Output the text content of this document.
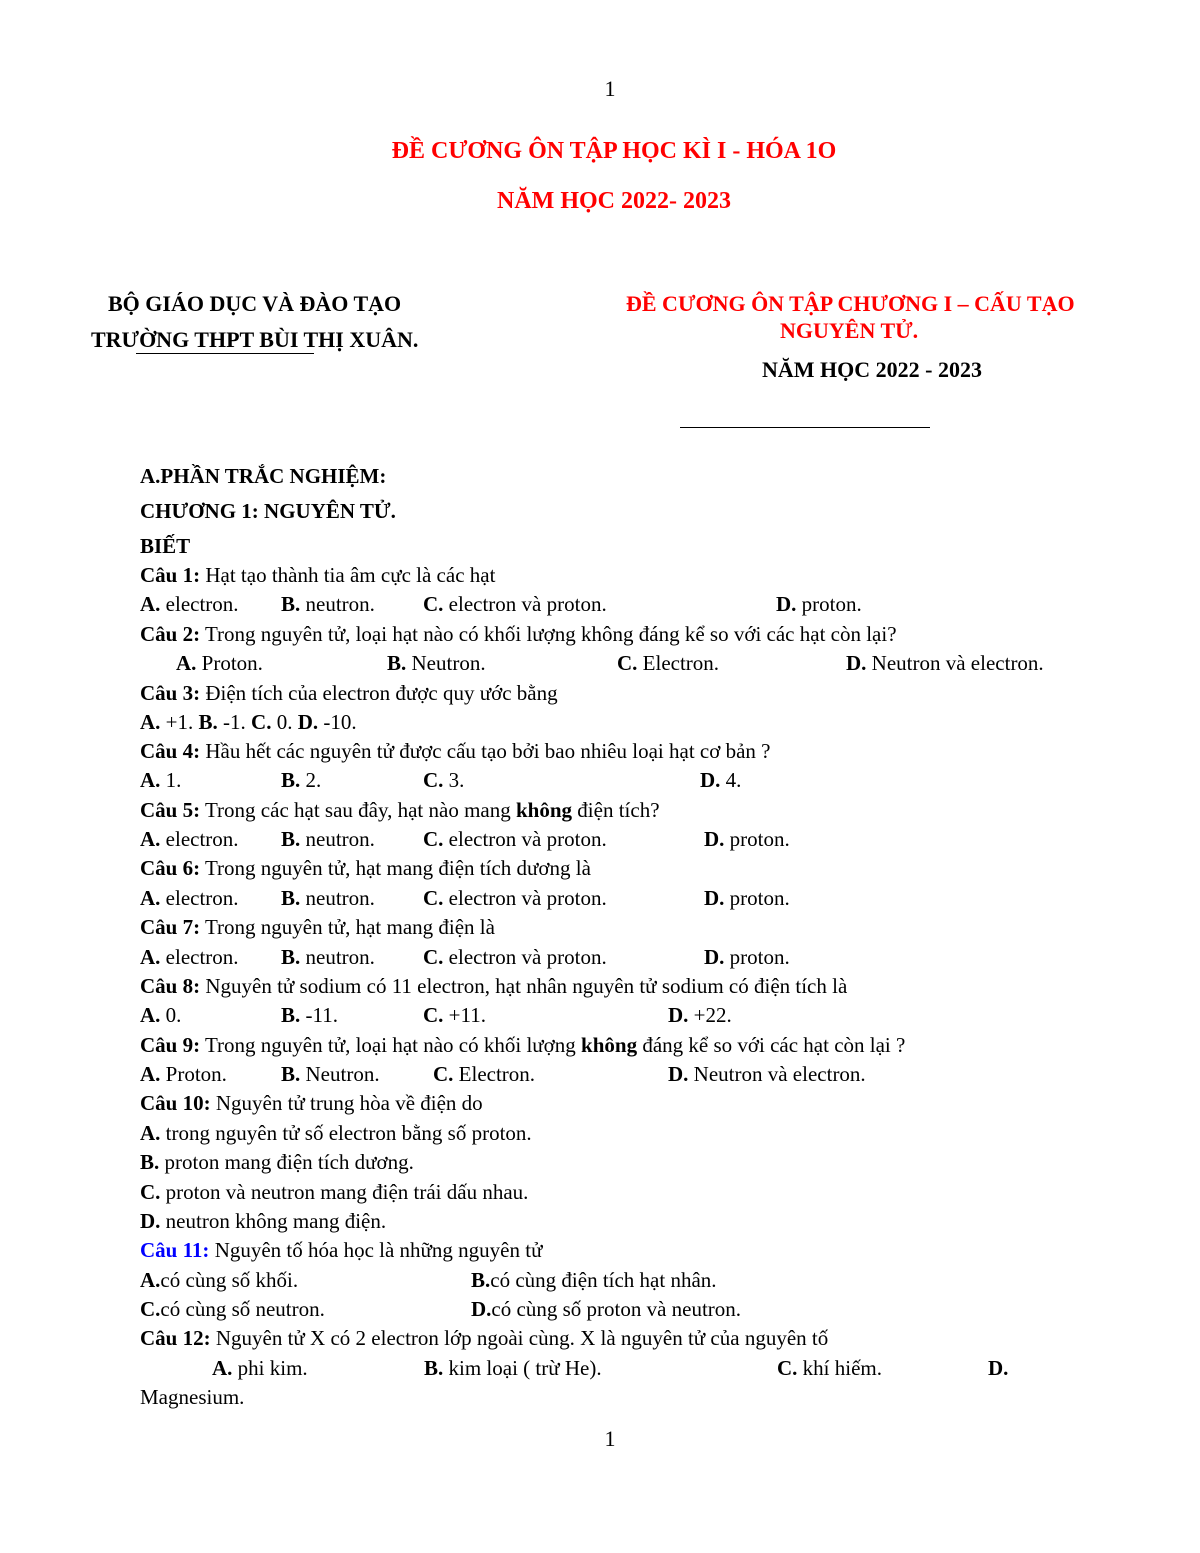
1
ĐỀ CƯƠNG ÔN TẬP HỌC KÌ I - HÓA 1O
NĂM HỌC 2022- 2023
BỘ GIÁO DỤC VÀ ĐÀO TẠO
TRƯỜNG THPT BÙI THỊ XUÂN.
ĐỀ CƯƠNG ÔN TẬP CHƯƠNG I – CẤU TẠO
NGUYÊN TỬ.
NĂM HỌC 2022 - 2023
A.PHẦN TRẮC NGHIỆM:
CHƯƠNG 1: NGUYÊN TỬ.
BIẾT
Câu 1: Hạt tạo thành tia âm cực là các hạt
A. electron. B. neutron. C. electron và proton.	D. proton.
Câu 2: Trong nguyên tử, loại hạt nào có khối lượng không đáng kể so với các hạt còn lại?
A. Proton.	B. Neutron.	C. Electron.	D. Neutron và electron.
Câu 3: Điện tích của electron được quy ước bằng
A. +1. B. -1. C. 0. D. -10.
Câu 4: Hầu hết các nguyên tử được cấu tạo bởi bao nhiêu loại hạt cơ bản ?
A. 1.	B. 2.	C. 3.	D. 4.
Câu 5: Trong các hạt sau đây, hạt nào mang không điện tích?
A. electron. B. neutron. C. electron và proton.	D. proton.
Câu 6: Trong nguyên tử, hạt mang điện tích dương là
A. electron. B. neutron. C. electron và proton.	D. proton.
Câu 7: Trong nguyên tử, hạt mang điện là
A. electron. B. neutron. C. electron và proton.	D. proton.
Câu 8: Nguyên tử sodium có 11 electron, hạt nhân nguyên tử sodium có điện tích là
A. 0.	B. -11.	C. +11.	D. +22.
Câu 9: Trong nguyên tử, loại hạt nào có khối lượng không đáng kể so với các hạt còn lại ?
A. Proton.	B. Neutron.	C. Electron.	D. Neutron và electron.
Câu 10: Nguyên tử trung hòa về điện do
A. trong nguyên tử số electron bằng số proton.
B. proton mang điện tích dương.
C. proton và neutron mang điện trái dấu nhau.
D. neutron không mang điện.
Câu 11: Nguyên tố hóa học là những nguyên tử
A.có cùng số khối.	B.có cùng điện tích hạt nhân.
C.có cùng số neutron.	D.có cùng số proton và neutron.
Câu 12: Nguyên tử X có 2 electron lớp ngoài cùng. X là nguyên tử của nguyên tố
A. phi kim.	B. kim loại ( trừ He).	C. khí hiếm.	D.
Magnesium.
1
